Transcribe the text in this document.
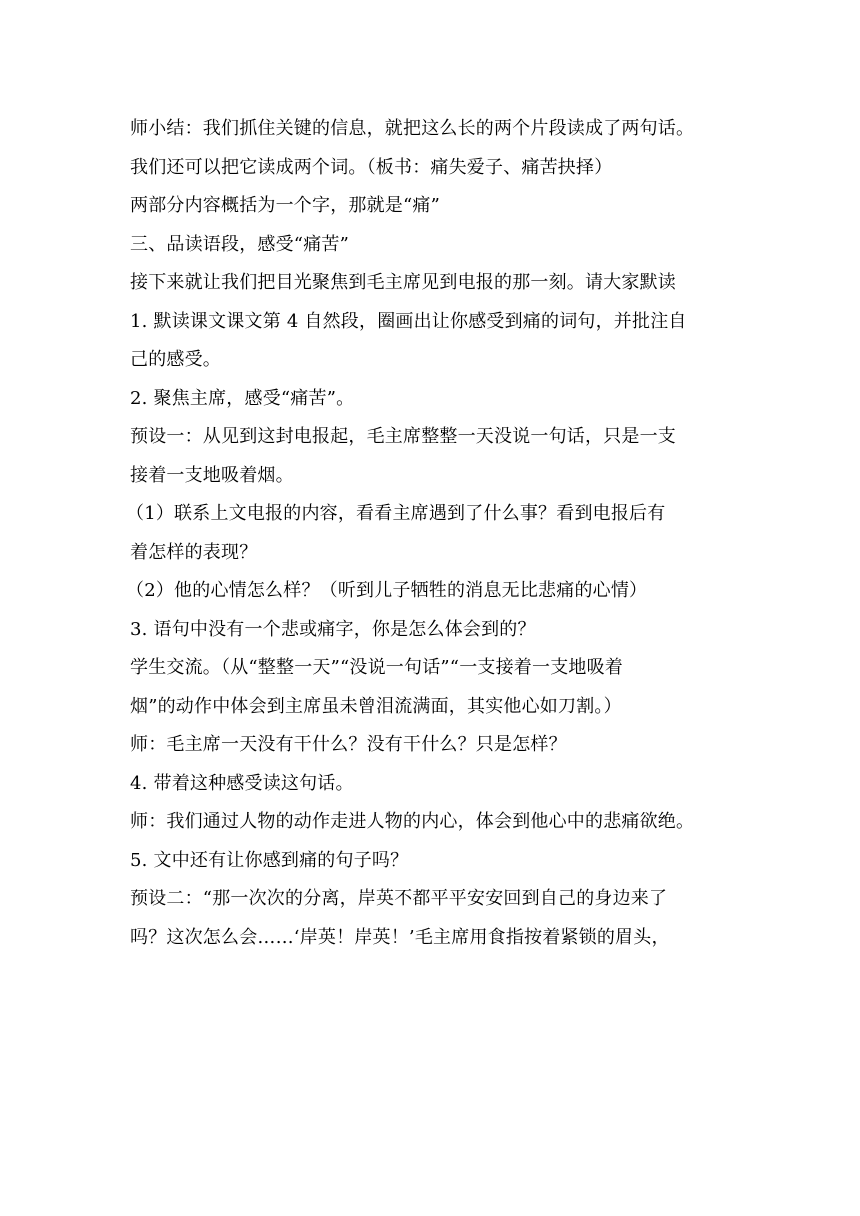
师小结：我们抓住关键的信息，就把这么长的两个片段读成了两句话。
我们还可以把它读成两个词。（板书：痛失爱子、痛苦抉择）
两部分内容概括为一个字，那就是“痛”
三、品读语段，感受“痛苦”
接下来就让我们把目光聚焦到毛主席见到电报的那一刻。请大家默读
1. 默读课文课文第 4 自然段，圈画出让你感受到痛的词句，并批注自
己的感受。
2. 聚焦主席，感受“痛苦”。
预设一：从见到这封电报起，毛主席整整一天没说一句话，只是一支
接着一支地吸着烟。
（1）联系上文电报的内容，看看主席遇到了什么事？看到电报后有
着怎样的表现？
（2）他的心情怎么样？（听到儿子牺牲的消息无比悲痛的心情）
3. 语句中没有一个悲或痛字，你是怎么体会到的？
学生交流。（从“整整一天”“没说一句话”“一支接着一支地吸着
烟”的动作中体会到主席虽未曾泪流满面，其实他心如刀割。）
师：毛主席一天没有干什么？没有干什么？只是怎样？
4. 带着这种感受读这句话。
师：我们通过人物的动作走进人物的内心，体会到他心中的悲痛欲绝。
5. 文中还有让你感到痛的句子吗？
预设二：“那一次次的分离，岸英不都平平安安回到自己的身边来了
吗？这次怎么会……‘岸英！岸英！’毛主席用食指按着紧锁的眉头，
